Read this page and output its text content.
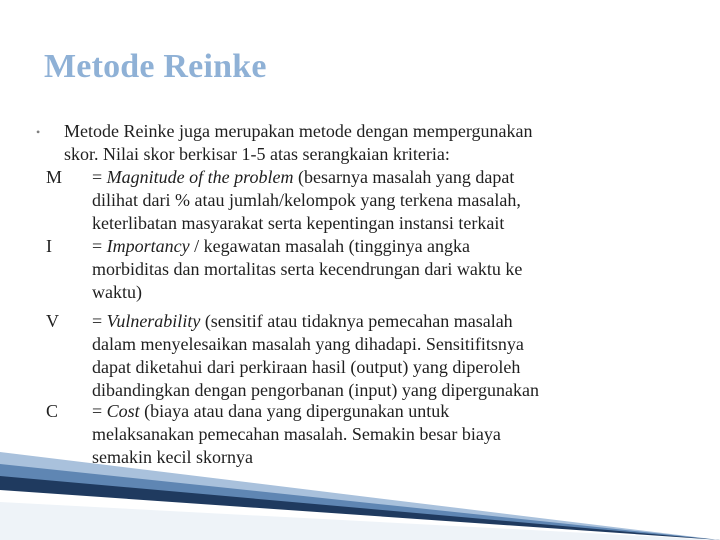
Metode Reinke
• Metode Reinke juga merupakan metode dengan mempergunakan
skor. Nilai skor berkisar 1-5 atas serangkaian kriteria:
M = Magnitude of the problem (besarnya masalah yang dapat
dilihat dari % atau jumlah/kelompok yang terkena masalah,
keterlibatan masyarakat serta kepentingan instansi terkait
I = Importancy / kegawatan masalah (tingginya angka
morbiditas dan mortalitas serta kecendrungan dari waktu ke
waktu)
V = Vulnerability (sensitif atau tidaknya pemecahan masalah
dalam menyelesaikan masalah yang dihadapi. Sensitifitsnya
dapat diketahui dari perkiraan hasil (output) yang diperoleh
dibandingkan dengan pengorbanan (input) yang dipergunakan
C = Cost (biaya atau dana yang dipergunakan untuk
melaksanakan pemecahan masalah. Semakin besar biaya
semakin kecil skornya
